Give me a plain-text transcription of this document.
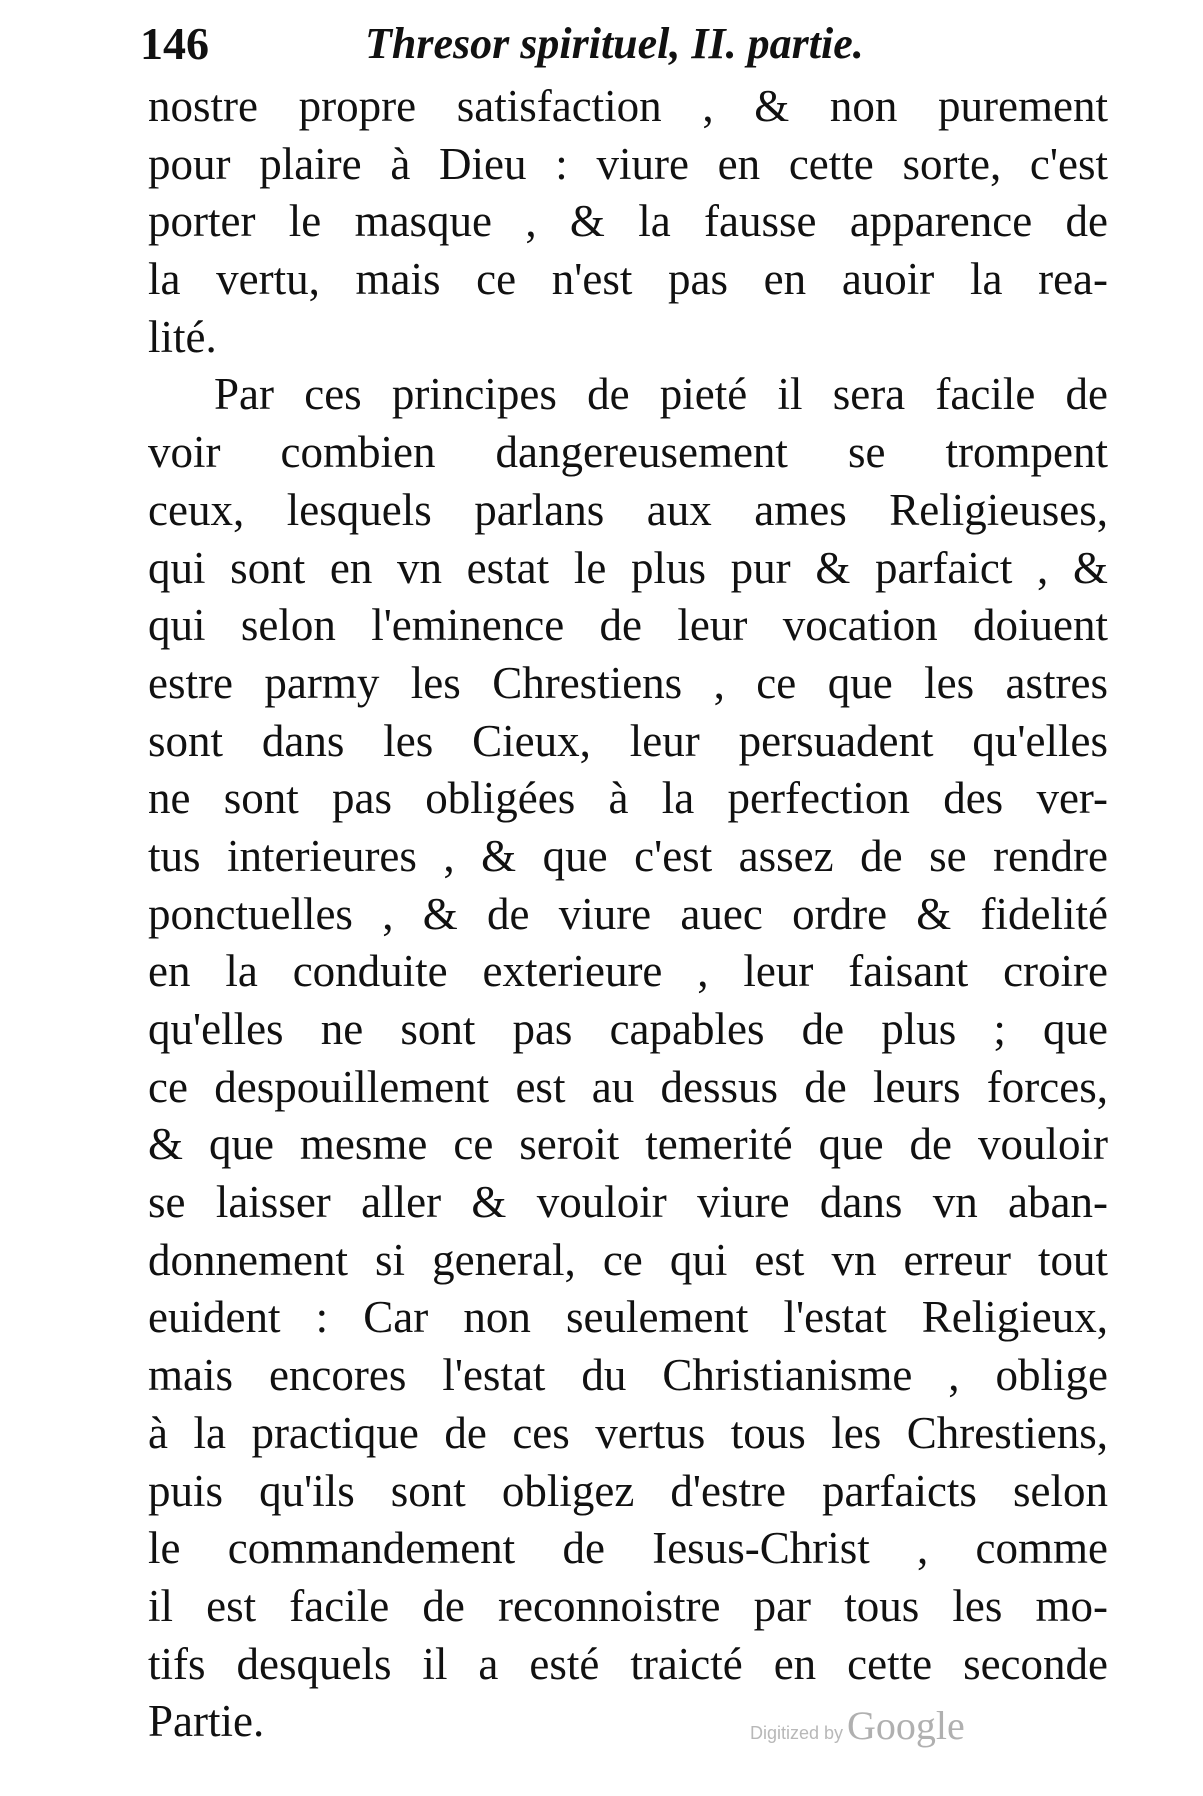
146	Thresor spirituel, II. partie.
nostre propre satisfaction , & non purement
pour plaire à Dieu : viure en cette sorte, c'est
porter le masque , & la fausse apparence de
la vertu, mais ce n'est pas en auoir la rea-
lité.
Par ces principes de pieté il sera facile de
voir combien dangereusement se trompent
ceux, lesquels parlans aux ames Religieuses,
qui sont en vn estat le plus pur & parfaict , &
qui selon l'eminence de leur vocation doiuent
estre parmy les Chrestiens , ce que les astres
sont dans les Cieux, leur persuadent qu'elles
ne sont pas obligées à la perfection des ver-
tus interieures , & que c'est assez de se rendre
ponctuelles , & de viure auec ordre & fidelité
en la conduite exterieure , leur faisant croire
qu'elles ne sont pas capables de plus ; que
ce despouillement est au dessus de leurs forces,
& que mesme ce seroit temerité que de vouloir
se laisser aller & vouloir viure dans vn aban-
donnement si general, ce qui est vn erreur tout
euident : Car non seulement l'estat Religieux,
mais encores l'estat du Christianisme , oblige
à la practique de ces vertus tous les Chrestiens,
puis qu'ils sont obligez d'estre parfaicts selon
le commandement de Iesus-Christ , comme
il est facile de reconnoistre par tous les mo-
tifs desquels il a esté traicté en cette seconde
Partie.	Digitized by Google
